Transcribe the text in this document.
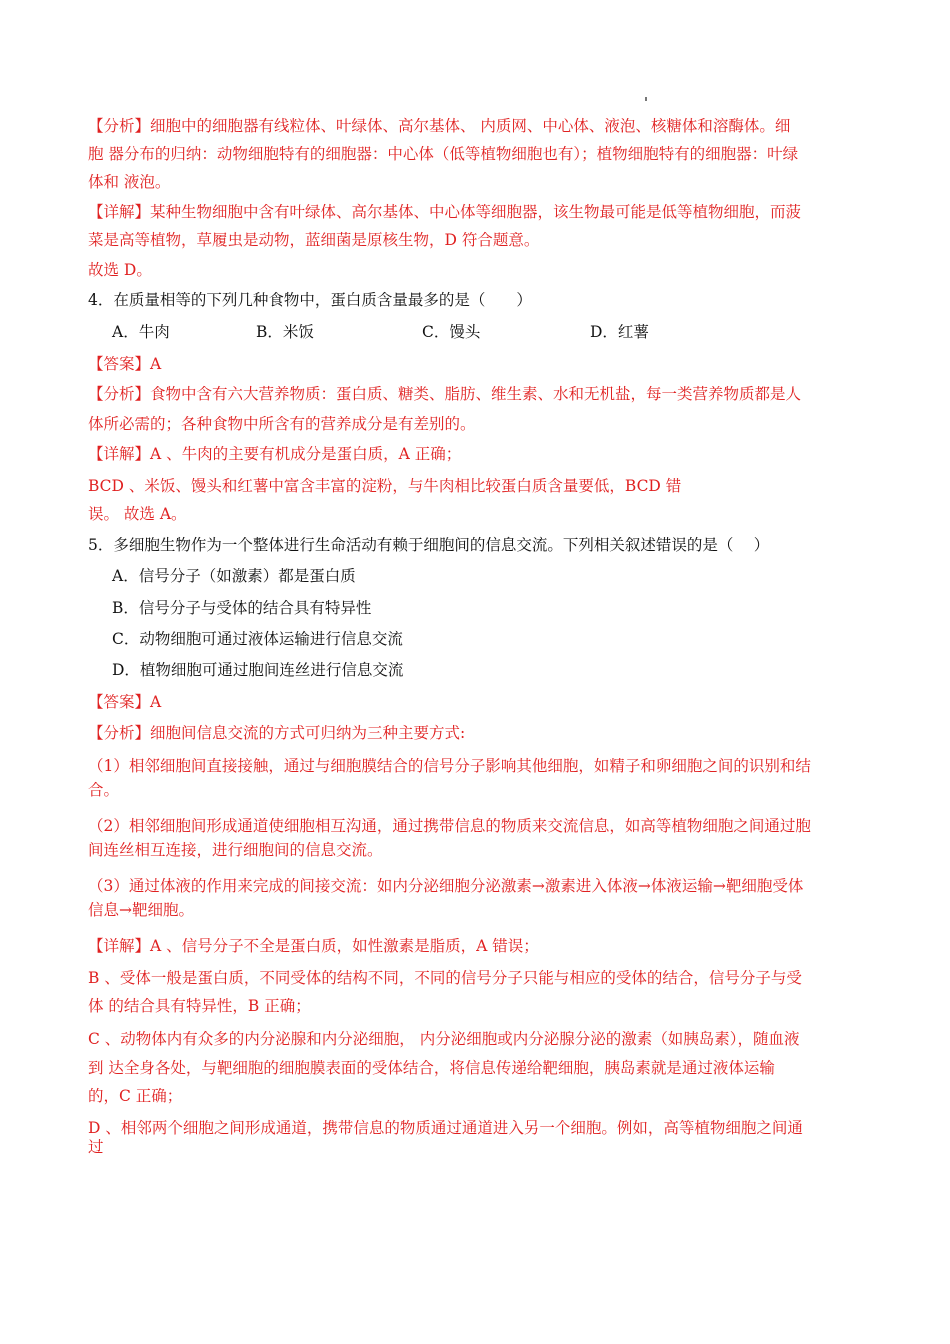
【分析】细胞中的细胞器有线粒体、叶绿体、高尔基体、 内质网、中心体、液泡、核糖体和溶酶体。细
胞 器分布的归纳：动物细胞特有的细胞器：中心体（低等植物细胞也有）；植物细胞特有的细胞器：叶绿
体和 液泡。
【详解】某种生物细胞中含有叶绿体、高尔基体、中心体等细胞器，该生物最可能是低等植物细胞，而菠
菜是高等植物，草履虫是动物，蓝细菌是原核生物，D 符合题意。
故选 D。
4．在质量相等的下列几种食物中，蛋白质含量最多的是（　　）
A．牛肉	B．米饭	C．馒头	D．红薯
【答案】A
【分析】食物中含有六大营养物质：蛋白质、糖类、脂肪、维生素、水和无机盐，每一类营养物质都是人
体所必需的；各种食物中所含有的营养成分是有差别的。
【详解】A 、牛肉的主要有机成分是蛋白质，A 正确；
BCD 、米饭、馒头和红薯中富含丰富的淀粉，与牛肉相比较蛋白质含量要低，BCD 错
误。 故选 A。
5．多细胞生物作为一个整体进行生命活动有赖于细胞间的信息交流。下列相关叙述错误的是（　 ）
A．信号分子（如激素）都是蛋白质
B．信号分子与受体的结合具有特异性
C．动物细胞可通过液体运输进行信息交流
D．植物细胞可通过胞间连丝进行信息交流
【答案】A
【分析】细胞间信息交流的方式可归纳为三种主要方式:
（1）相邻细胞间直接接触，通过与细胞膜结合的信号分子影响其他细胞，如精子和卵细胞之间的识别和结
合。
（2）相邻细胞间形成通道使细胞相互沟通，通过携带信息的物质来交流信息，如高等植物细胞之间通过胞
间连丝相互连接，进行细胞间的信息交流。
（3）通过体液的作用来完成的间接交流：如内分泌细胞分泌激素→激素进入体液→体液运输→靶细胞受体
信息→靶细胞。
【详解】A 、信号分子不全是蛋白质，如性激素是脂质，A 错误；
B 、受体一般是蛋白质，不同受体的结构不同，不同的信号分子只能与相应的受体的结合，信号分子与受
体 的结合具有特异性，B 正确；
C 、动物体内有众多的内分泌腺和内分泌细胞， 内分泌细胞或内分泌腺分泌的激素（如胰岛素），随血液
到 达全身各处，与靶细胞的细胞膜表面的受体结合，将信息传递给靶细胞，胰岛素就是通过液体运输
的，C 正确；
D 、相邻两个细胞之间形成通道，携带信息的物质通过通道进入另一个细胞。例如，高等植物细胞之间通
过
